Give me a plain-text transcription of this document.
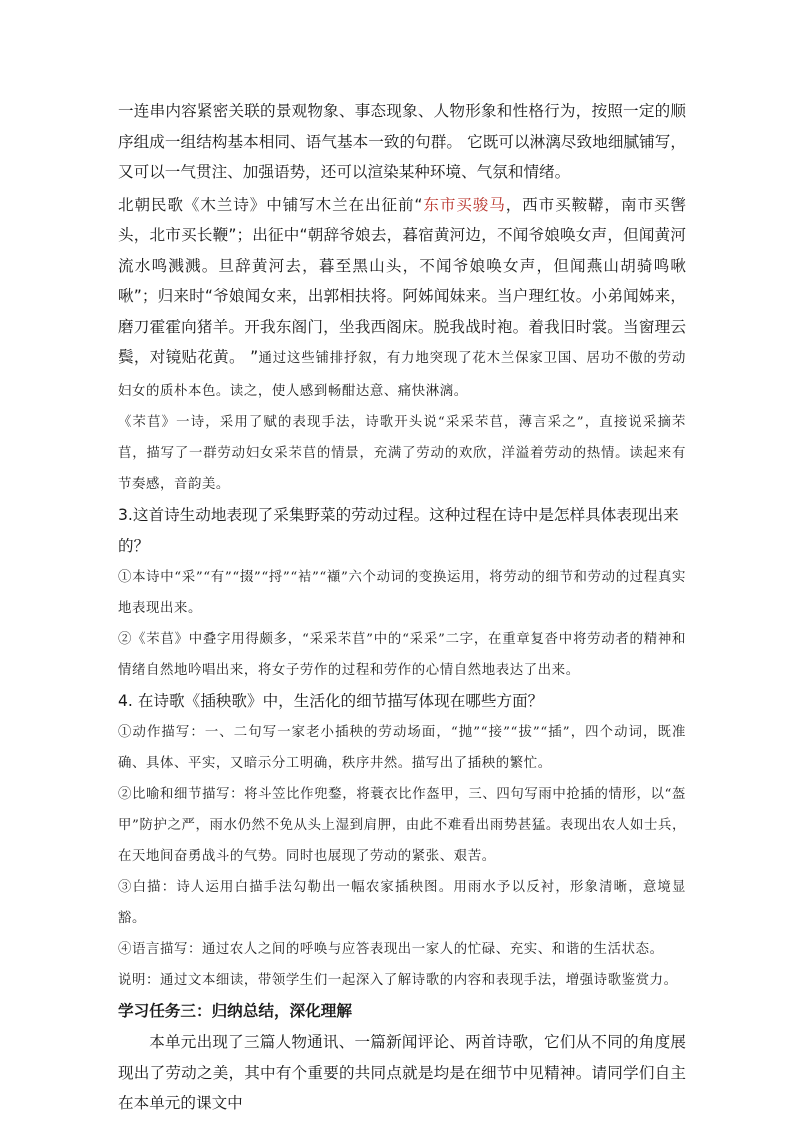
一连串内容紧密关联的景观物象、事态现象、人物形象和性格行为，按照一定的顺序组成一组结构基本相同、语气基本一致的句群。 它既可以淋漓尽致地细腻铺写，又可以一气贯注、加强语势，还可以渲染某种环境、气氛和情绪。

北朝民歌《木兰诗》中铺写木兰在出征前“东市买骏马，西市买鞍鞯，南市买辔头，北市买长鞭”；出征中“朝辞爷娘去，暮宿黄河边，不闻爷娘唤女声，但闻黄河流水鸣溅溅。旦辞黄河去，暮至黑山头，不闻爷娘唤女声，但闻燕山胡骑鸣啾啾”；归来时“爷娘闻女来，出郭相扶将。阿姊闻妹来。当户理红妆。小弟闻姊来，磨刀霍霍向猪羊。开我东阁门，坐我西阁床。脱我战时袍。着我旧时裳。当窗理云鬓，对镜贴花黄。 ”通过这些铺排抒叙，有力地突现了花木兰保家卫国、居功不傲的劳动妇女的质朴本色。读之，使人感到畅酣达意、痛快淋漓。

《芣苢》一诗，采用了赋的表现手法，诗歌开头说“采采芣苢，薄言采之”，直接说采摘芣苢，描写了一群劳动妇女采芣苢的情景，充满了劳动的欢欣，洋溢着劳动的热情。读起来有节奏感，音韵美。

3.这首诗生动地表现了采集野菜的劳动过程。这种过程在诗中是怎样具体表现出来的？

①本诗中“采”“有”“掇”“捋”“袺”“襭”六个动词的变换运用，将劳动的细节和劳动的过程真实地表现出来。

②《芣苢》中叠字用得颇多，“采采芣苢”中的“采采”二字，在重章复沓中将劳动者的精神和情绪自然地吟唱出来，将女子劳作的过程和劳作的心情自然地表达了出来。

4. 在诗歌《插秧歌》中，生活化的细节描写体现在哪些方面？

①动作描写：一、二句写一家老小插秧的劳动场面，“抛”“接”“拔”“插”，四个动词，既准确、具体、平实，又暗示分工明确，秩序井然。描写出了插秧的繁忙。

②比喻和细节描写：将斗笠比作兜鍪，将蓑衣比作盔甲，三、四句写雨中抢插的情形，以“盔甲”防护之严，雨水仍然不免从头上湿到肩胛，由此不难看出雨势甚猛。表现出农人如士兵，在天地间奋勇战斗的气势。同时也展现了劳动的紧张、艰苦。

③白描：诗人运用白描手法勾勒出一幅农家插秧图。用雨水予以反衬，形象清晰，意境显豁。

④语言描写：通过农人之间的呼唤与应答表现出一家人的忙碌、充实、和谐的生活状态。

说明：通过文本细读，带领学生们一起深入了解诗歌的内容和表现手法，增强诗歌鉴赏力。

学习任务三：归纳总结，深化理解

本单元出现了三篇人物通讯、一篇新闻评论、两首诗歌，它们从不同的角度展现出了劳动之美，其中有个重要的共同点就是均是在细节中见精神。请同学们自主在本单元的课文中
